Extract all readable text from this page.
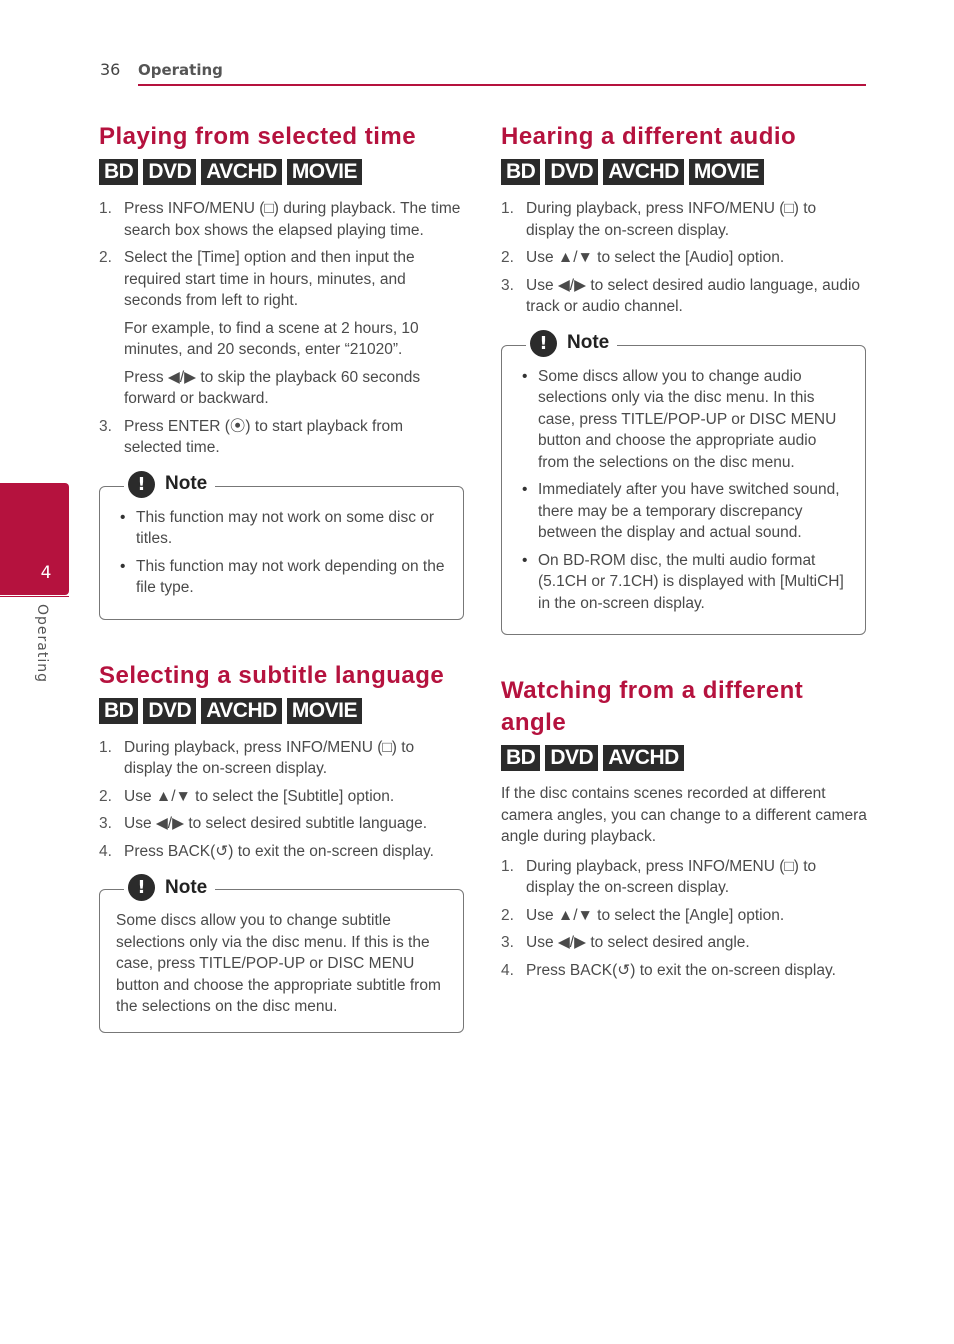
36 Operating
4
Operating
Playing from selected time
BD DVD AVCHD MOVIE
1. Press INFO/MENU (□) during playback. The time search box shows the elapsed playing time.
2. Select the [Time] option and then input the required start time in hours, minutes, and seconds from left to right.

For example, to find a scene at 2 hours, 10 minutes, and 20 seconds, enter “21020”.

Press ◀/▶ to skip the playback 60 seconds forward or backward.

3. Press ENTER (⦿) to start playback from selected time.
!	Note
• This function may not work on some disc or titles.
• This function may not work depending on the file type.
Selecting a subtitle language
BD DVD AVCHD MOVIE
1. During playback, press INFO/MENU (□) to display the on-screen display.
2. Use ▲/▼ to select the [Subtitle] option.
3. Use ◀/▶ to select desired subtitle language.
4. Press BACK(↺) to exit the on-screen display.
!	Note

Some discs allow you to change subtitle selections only via the disc menu. If this is the case, press TITLE/POP-UP or DISC MENU button and choose the appropriate subtitle from the selections on the disc menu.

Hearing a different audio
BD DVD AVCHD MOVIE
1. During playback, press INFO/MENU (□) to display the on-screen display.
2. Use ▲/▼ to select the [Audio] option.
3. Use ◀/▶ to select desired audio language, audio track or audio channel.
!	Note
• Some discs allow you to change audio selections only via the disc menu. In this case, press TITLE/POP-UP or DISC MENU button and choose the appropriate audio from the selections on the disc menu.
• Immediately after you have switched sound, there may be a temporary discrepancy between the display and actual sound.
• On BD-ROM disc, the multi audio format (5.1CH or 7.1CH) is displayed with [MultiCH] in the on-screen display.
Watching from a different angle
BD DVD AVCHD

If the disc contains scenes recorded at different camera angles, you can change to a different camera angle during playback.

1. During playback, press INFO/MENU (□) to display the on-screen display.
2. Use ▲/▼ to select the [Angle] option.
3. Use ◀/▶ to select desired angle.
4. Press BACK(↺) to exit the on-screen display.
